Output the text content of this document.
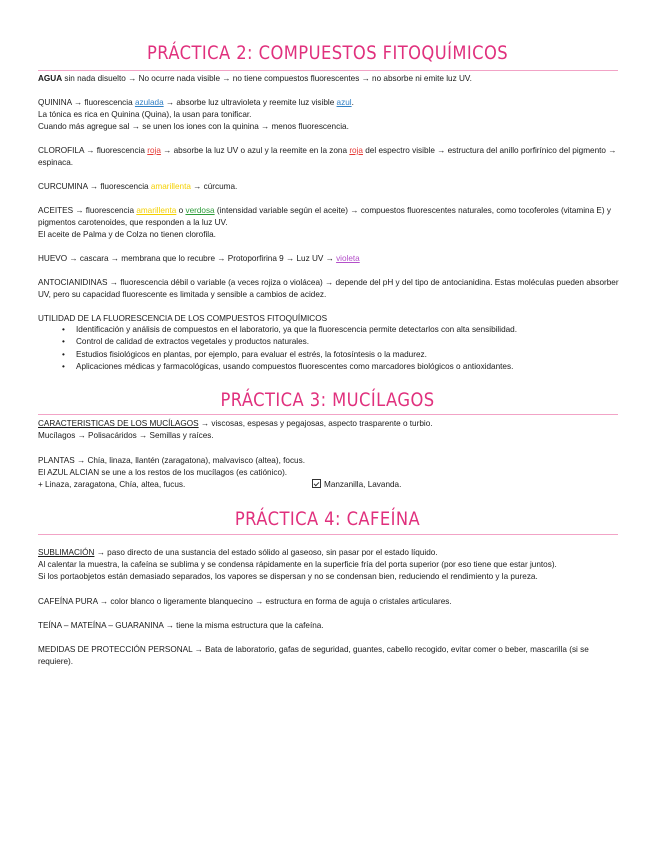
PRÁCTICA 2: COMPUESTOS FITOQUÍMICOS
AGUA sin nada disuelto → No ocurre nada visible → no tiene compuestos fluorescentes → no absorbe ni emite luz UV.
QUININA → fluorescencia azulada → absorbe luz ultravioleta y reemite luz visible azul.
La tónica es rica en Quinina (Quina), la usan para tonificar.
Cuando más agregue sal → se unen los iones con la quinina → menos fluorescencia.
CLOROFILA → fluorescencia roja → absorbe la luz UV o azul y la reemite en la zona roja del espectro visible → estructura del anillo porfirínico del pigmento → espinaca.
CURCUMINA → fluorescencia amarillenta → cúrcuma.
ACEITES → fluorescencia amarillenta o verdosa (intensidad variable según el aceite) → compuestos fluorescentes naturales, como tocoferoles (vitamina E) y pigmentos carotenoides, que responden a la luz UV.
El aceite de Palma y de Colza no tienen clorofila.
HUEVO → cascara → membrana que lo recubre → Protoporfirina 9 → Luz UV → violeta
ANTOCIANIDINAS → fluorescencia débil o variable (a veces rojiza o violácea) → depende del pH y del tipo de antocianidina. Estas moléculas pueden absorber UV, pero su capacidad fluorescente es limitada y sensible a cambios de acidez.
UTILIDAD DE LA FLUORESCENCIA DE LOS COMPUESTOS FITOQUÍMICOS
• Identificación y análisis de compuestos en el laboratorio, ya que la fluorescencia permite detectarlos con alta sensibilidad.
• Control de calidad de extractos vegetales y productos naturales.
• Estudios fisiológicos en plantas, por ejemplo, para evaluar el estrés, la fotosíntesis o la madurez.
• Aplicaciones médicas y farmacológicas, usando compuestos fluorescentes como marcadores biológicos o antioxidantes.
PRÁCTICA 3: MUCÍLAGOS
CARACTERISTICAS DE LOS MUCÍLAGOS → viscosas, espesas y pegajosas, aspecto trasparente o turbio.
Mucílagos → Polisacáridos → Semillas y raíces.
PLANTAS → Chía, linaza, llantén (zaragatona), malvavisco (altea), focus.
El AZUL ALCIAN se une a los restos de los mucílagos (es catiónico).
+ Linaza, zaragatona, Chía, altea, fucus.	Manzanilla, Lavanda.
PRÁCTICA 4: CAFEÍNA
SUBLIMACIÓN → paso directo de una sustancia del estado sólido al gaseoso, sin pasar por el estado líquido.
Al calentar la muestra, la cafeína se sublima y se condensa rápidamente en la superficie fría del porta superior (por eso tiene que estar juntos).
Si los portaobjetos están demasiado separados, los vapores se dispersan y no se condensan bien, reduciendo el rendimiento y la pureza.
CAFEÍNA PURA → color blanco o ligeramente blanquecino → estructura en forma de aguja o cristales articulares.
TEÍNA – MATEÍNA – GUARANINA → tiene la misma estructura que la cafeína.
MEDIDAS DE PROTECCIÓN PERSONAL → Bata de laboratorio, gafas de seguridad, guantes, cabello recogido, evitar comer o beber, mascarilla (si se requiere).
